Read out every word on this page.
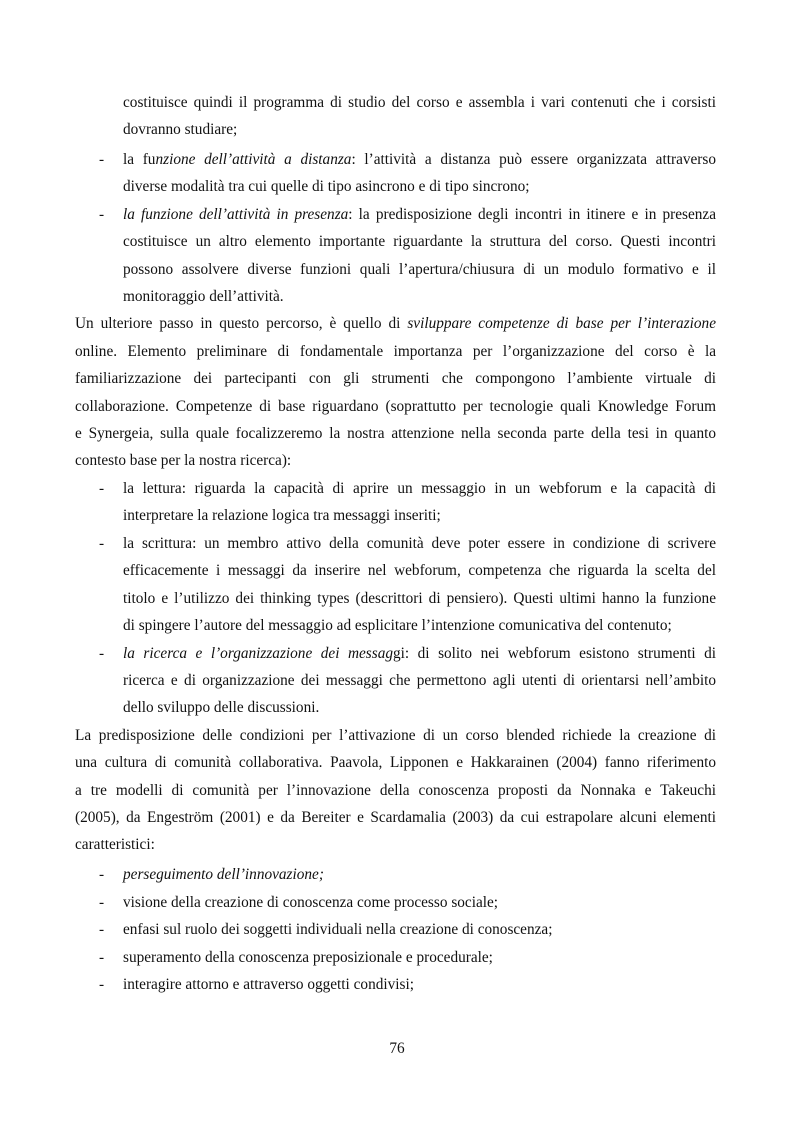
costituisce quindi il programma di studio del corso e assembla i vari contenuti che i corsisti
dovranno studiare;
- la funzione dell’attività a distanza: l’attività a distanza può essere organizzata attraverso
diverse modalità tra cui quelle di tipo asincrono e di tipo sincrono;
- la funzione dell’attività in presenza: la predisposizione degli incontri in itinere e in presenza
costituisce un altro elemento importante riguardante la struttura del corso. Questi incontri
possono assolvere diverse funzioni quali l’apertura/chiusura di un modulo formativo e il
monitoraggio dell’attività.
Un ulteriore passo in questo percorso, è quello di sviluppare competenze di base per l’interazione
online. Elemento preliminare di fondamentale importanza per l’organizzazione del corso è la
familiarizzazione dei partecipanti con gli strumenti che compongono l’ambiente virtuale di
collaborazione. Competenze di base riguardano (soprattutto per tecnologie quali Knowledge Forum
e Synergeia, sulla quale focalizzeremo la nostra attenzione nella seconda parte della tesi in quanto
contesto base per la nostra ricerca):
- la lettura: riguarda la capacità di aprire un messaggio in un webforum e la capacità di
interpretare la relazione logica tra messaggi inseriti;
- la scrittura: un membro attivo della comunità deve poter essere in condizione di scrivere
efficacemente i messaggi da inserire nel webforum, competenza che riguarda la scelta del
titolo e l’utilizzo dei thinking types (descrittori di pensiero). Questi ultimi hanno la funzione
di spingere l’autore del messaggio ad esplicitare l’intenzione comunicativa del contenuto;
- la ricerca e l’organizzazione dei messaggi: di solito nei webforum esistono strumenti di
ricerca e di organizzazione dei messaggi che permettono agli utenti di orientarsi nell’ambito
dello sviluppo delle discussioni.
La predisposizione delle condizioni per l’attivazione di un corso blended richiede la creazione di
una cultura di comunità collaborativa. Paavola, Lipponen e Hakkarainen (2004) fanno riferimento
a tre modelli di comunità per l’innovazione della conoscenza proposti da Nonnaka e Takeuchi
(2005), da Engeström (2001) e da Bereiter e Scardamalia (2003) da cui estrapolare alcuni elementi
caratteristici:
- perseguimento dell’innovazione;
- visione della creazione di conoscenza come processo sociale;
- enfasi sul ruolo dei soggetti individuali nella creazione di conoscenza;
- superamento della conoscenza preposizionale e procedurale;
- interagire attorno e attraverso oggetti condivisi;
76
